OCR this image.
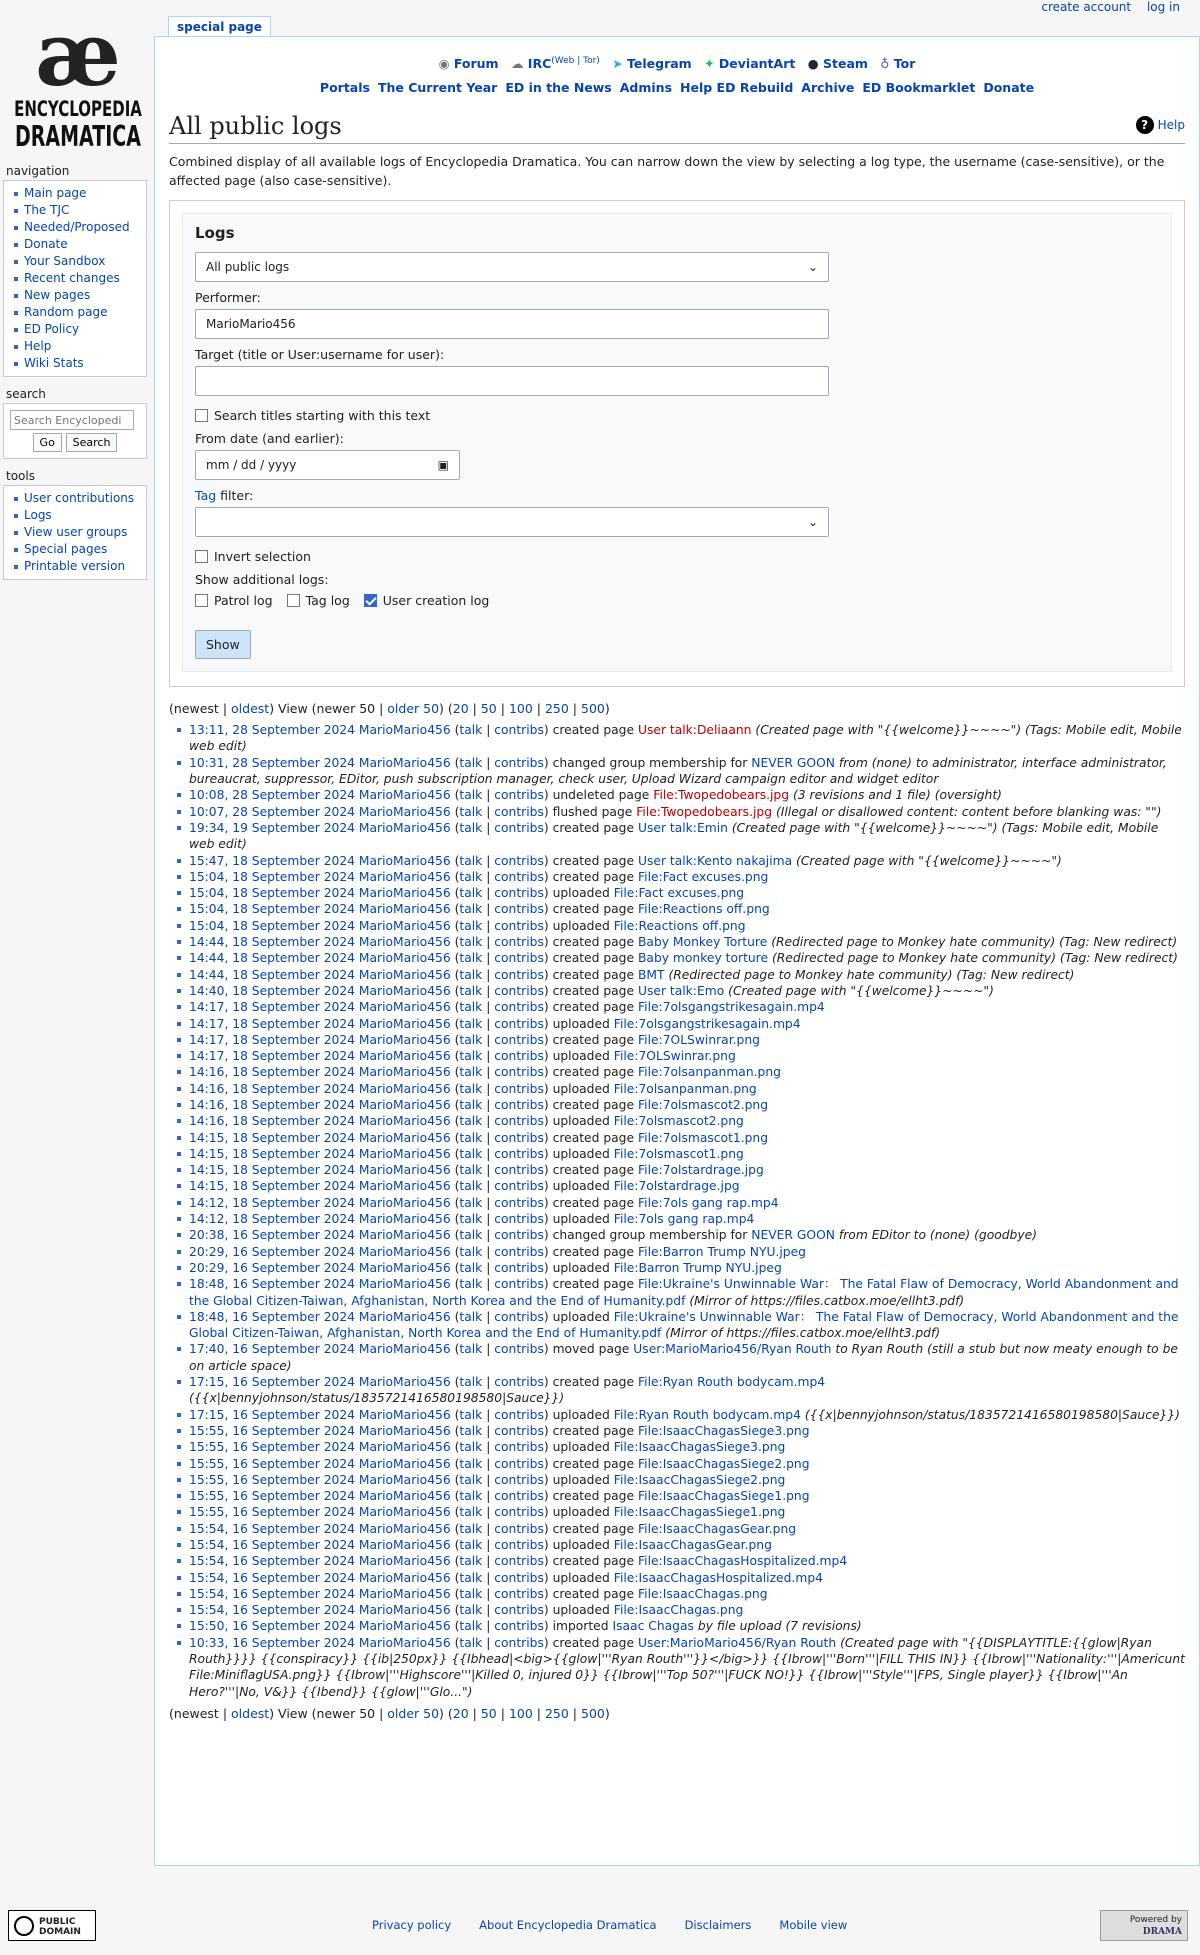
æ
ENCYCLOPEDIA
DRAMATICA
create account log in
special page
navigation
Main page
The TJC
Needed/Proposed
Donate
Your Sandbox
Recent changes
New pages
Random page
ED Policy
Help
Wiki Stats
search
Search Encyclopedi
Go Search
tools
User contributions
Logs
View user groups
Special pages
Printable version
◉ Forum ☁ $IRC^{(Web | Tor)}$ ➤ Telegram ✦ DeviantArt ● Steam ♁ Tor
Portals The Current Year ED in the News Admins Help ED Rebuild Archive ED Bookmarklet Donate
All public logs	? Help

Combined display of all available logs of Encyclopedia Dramatica. You can narrow down the view by selecting a log type, the username (case-sensitive), or the affected page (also case-sensitive).

Logs
All public logs	⌄
Performer:
MarioMario456
Target (title or User:username for user):
Search titles starting with this text
From date (and earlier):
mm / dd / yyyy	▣
Tag filter:
⌄
Invert selection
Show additional logs:
Patrol log	Tag log	User creation log
Show
(newest | oldest) View (newer 50 | older 50) (20 | 50 | 100 | 250 | 500)
13:11, 28 September 2024 MarioMario456 (talk | contribs) created page User talk:Deliaann (Created page with "{{welcome}}~~~~") (Tags: Mobile edit, Mobile web edit)
10:31, 28 September 2024 MarioMario456 (talk | contribs) changed group membership for NEVER GOON from (none) to administrator, interface administrator, bureaucrat, suppressor, EDitor, push subscription manager, check user, Upload Wizard campaign editor and widget editor
10:08, 28 September 2024 MarioMario456 (talk | contribs) undeleted page File:Twopedobears.jpg (3 revisions and 1 file) (oversight)
10:07, 28 September 2024 MarioMario456 (talk | contribs) flushed page File:Twopedobears.jpg (Illegal or disallowed content: content before blanking was: "")
19:34, 19 September 2024 MarioMario456 (talk | contribs) created page User talk:Emin (Created page with "{{welcome}}~~~~") (Tags: Mobile edit, Mobile web edit)
15:47, 18 September 2024 MarioMario456 (talk | contribs) created page User talk:Kento nakajima (Created page with "{{welcome}}~~~~")
15:04, 18 September 2024 MarioMario456 (talk | contribs) created page File:Fact excuses.png
15:04, 18 September 2024 MarioMario456 (talk | contribs) uploaded File:Fact excuses.png
15:04, 18 September 2024 MarioMario456 (talk | contribs) created page File:Reactions off.png
15:04, 18 September 2024 MarioMario456 (talk | contribs) uploaded File:Reactions off.png
14:44, 18 September 2024 MarioMario456 (talk | contribs) created page Baby Monkey Torture (Redirected page to Monkey hate community) (Tag: New redirect)
14:44, 18 September 2024 MarioMario456 (talk | contribs) created page Baby monkey torture (Redirected page to Monkey hate community) (Tag: New redirect)
14:44, 18 September 2024 MarioMario456 (talk | contribs) created page BMT (Redirected page to Monkey hate community) (Tag: New redirect)
14:40, 18 September 2024 MarioMario456 (talk | contribs) created page User talk:Emo (Created page with "{{welcome}}~~~~")
14:17, 18 September 2024 MarioMario456 (talk | contribs) created page File:7olsgangstrikesagain.mp4
14:17, 18 September 2024 MarioMario456 (talk | contribs) uploaded File:7olsgangstrikesagain.mp4
14:17, 18 September 2024 MarioMario456 (talk | contribs) created page File:7OLSwinrar.png
14:17, 18 September 2024 MarioMario456 (talk | contribs) uploaded File:7OLSwinrar.png
14:16, 18 September 2024 MarioMario456 (talk | contribs) created page File:7olsanpanman.png
14:16, 18 September 2024 MarioMario456 (talk | contribs) uploaded File:7olsanpanman.png
14:16, 18 September 2024 MarioMario456 (talk | contribs) created page File:7olsmascot2.png
14:16, 18 September 2024 MarioMario456 (talk | contribs) uploaded File:7olsmascot2.png
14:15, 18 September 2024 MarioMario456 (talk | contribs) created page File:7olsmascot1.png
14:15, 18 September 2024 MarioMario456 (talk | contribs) uploaded File:7olsmascot1.png
14:15, 18 September 2024 MarioMario456 (talk | contribs) created page File:7olstardrage.jpg
14:15, 18 September 2024 MarioMario456 (talk | contribs) uploaded File:7olstardrage.jpg
14:12, 18 September 2024 MarioMario456 (talk | contribs) created page File:7ols gang rap.mp4
14:12, 18 September 2024 MarioMario456 (talk | contribs) uploaded File:7ols gang rap.mp4
20:38, 16 September 2024 MarioMario456 (talk | contribs) changed group membership for NEVER GOON from EDitor to (none) (goodbye)
20:29, 16 September 2024 MarioMario456 (talk | contribs) created page File:Barron Trump NYU.jpeg
20:29, 16 September 2024 MarioMario456 (talk | contribs) uploaded File:Barron Trump NYU.jpeg
18:48, 16 September 2024 MarioMario456 (talk | contribs) created page File:Ukraine's Unwinnable War： The Fatal Flaw of Democracy, World Abandonment and the Global Citizen-Taiwan, Afghanistan, North Korea and the End of Humanity.pdf (Mirror of https://files.catbox.moe/ellht3.pdf)
18:48, 16 September 2024 MarioMario456 (talk | contribs) uploaded File:Ukraine's Unwinnable War： The Fatal Flaw of Democracy, World Abandonment and the Global Citizen-Taiwan, Afghanistan, North Korea and the End of Humanity.pdf (Mirror of https://files.catbox.moe/ellht3.pdf)
17:40, 16 September 2024 MarioMario456 (talk | contribs) moved page User:MarioMario456/Ryan Routh to Ryan Routh (still a stub but now meaty enough to be on article space)
17:15, 16 September 2024 MarioMario456 (talk | contribs) created page File:Ryan Routh bodycam.mp4 ({{x|bennyjohnson/status/1835721416580198580|Sauce}})
17:15, 16 September 2024 MarioMario456 (talk | contribs) uploaded File:Ryan Routh bodycam.mp4 ({{x|bennyjohnson/status/1835721416580198580|Sauce}})
15:55, 16 September 2024 MarioMario456 (talk | contribs) created page File:IsaacChagasSiege3.png
15:55, 16 September 2024 MarioMario456 (talk | contribs) uploaded File:IsaacChagasSiege3.png
15:55, 16 September 2024 MarioMario456 (talk | contribs) created page File:IsaacChagasSiege2.png
15:55, 16 September 2024 MarioMario456 (talk | contribs) uploaded File:IsaacChagasSiege2.png
15:55, 16 September 2024 MarioMario456 (talk | contribs) created page File:IsaacChagasSiege1.png
15:55, 16 September 2024 MarioMario456 (talk | contribs) uploaded File:IsaacChagasSiege1.png
15:54, 16 September 2024 MarioMario456 (talk | contribs) created page File:IsaacChagasGear.png
15:54, 16 September 2024 MarioMario456 (talk | contribs) uploaded File:IsaacChagasGear.png
15:54, 16 September 2024 MarioMario456 (talk | contribs) created page File:IsaacChagasHospitalized.mp4
15:54, 16 September 2024 MarioMario456 (talk | contribs) uploaded File:IsaacChagasHospitalized.mp4
15:54, 16 September 2024 MarioMario456 (talk | contribs) created page File:IsaacChagas.png
15:54, 16 September 2024 MarioMario456 (talk | contribs) uploaded File:IsaacChagas.png
15:50, 16 September 2024 MarioMario456 (talk | contribs) imported Isaac Chagas by file upload (7 revisions)
10:33, 16 September 2024 MarioMario456 (talk | contribs) created page User:MarioMario456/Ryan Routh (Created page with "{{DISPLAYTITLE:{{glow|Ryan Routh}}}} {{conspiracy}} {{ib|250px}} {{Ibhead|<big>{{glow|'''Ryan Routh'''}}</big>}} {{Ibrow|'''Born'''|FILL THIS IN}} {{Ibrow|'''Nationality:'''|Americunt File:MiniflagUSA.png}} {{Ibrow|'''Highscore'''|Killed 0, injured 0}} {{Ibrow|'''Top 50?'''|FUCK NO!}} {{Ibrow|'''Style'''|FPS, Single player}} {{Ibrow|'''An Hero?'''|No, V&}} {{Ibend}} {{glow|'''Glo...")
(newest | oldest) View (newer 50 | older 50) (20 | 50 | 100 | 250 | 500)
PUBLIC
DOMAIN	Privacy policy About Encyclopedia Dramatica Disclaimers Mobile view	Powered by
DRAMA
